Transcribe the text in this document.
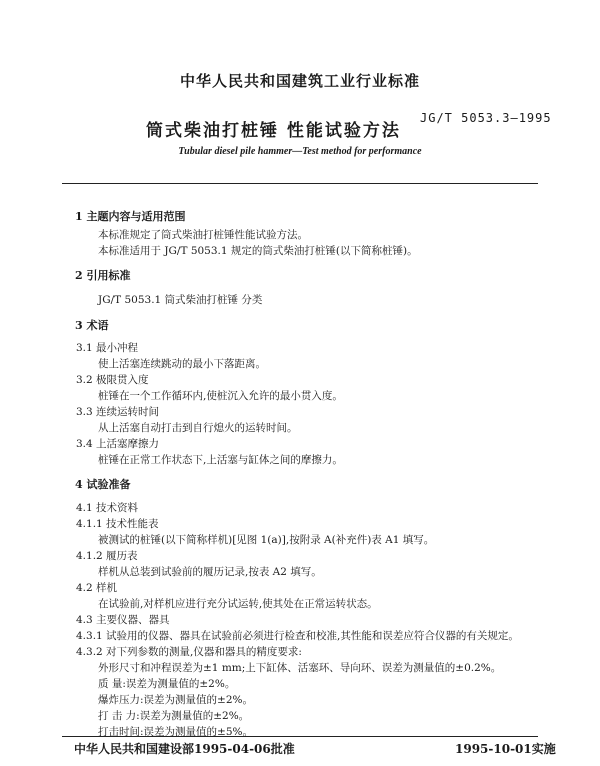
中华人民共和国建筑工业行业标准
筒式柴油打桩锤 性能试验方法
JG/T 5053.3—1995
Tubular diesel pile hammer—Test method for performance
1 主题内容与适用范围
本标准规定了筒式柴油打桩锤性能试验方法。
本标准适用于 JG/T 5053.1 规定的筒式柴油打桩锤(以下简称桩锤)。
2 引用标准
JG/T 5053.1 筒式柴油打桩锤 分类
3 术语
3.1 最小冲程
使上活塞连续跳动的最小下落距离。
3.2 极限贯入度
桩锤在一个工作循环内,使桩沉入允许的最小贯入度。
3.3 连续运转时间
从上活塞自动打击到自行熄火的运转时间。
3.4 上活塞摩擦力
桩锤在正常工作状态下,上活塞与缸体之间的摩擦力。
4 试验准备
4.1 技术资料
4.1.1 技术性能表
被测试的桩锤(以下简称样机)[见图 1(a)],按附录 A(补充件)表 A1 填写。
4.1.2 履历表
样机从总装到试验前的履历记录,按表 A2 填写。
4.2 样机
在试验前,对样机应进行充分试运转,使其处在正常运转状态。
4.3 主要仪器、器具
4.3.1 试验用的仪器、器具在试验前必须进行检查和校准,其性能和误差应符合仪器的有关规定。
4.3.2 对下列参数的测量,仪器和器具的精度要求:
外形尺寸和冲程误差为±1 mm;上下缸体、活塞环、导向环、误差为测量值的±0.2%。
质 量:误差为测量值的±2%。
爆炸压力:误差为测量值的±2%。
打 击 力:误差为测量值的±2%。
打击时间:误差为测量值的±5%。
中华人民共和国建设部1995-04-06批准	1995-10-01实施
